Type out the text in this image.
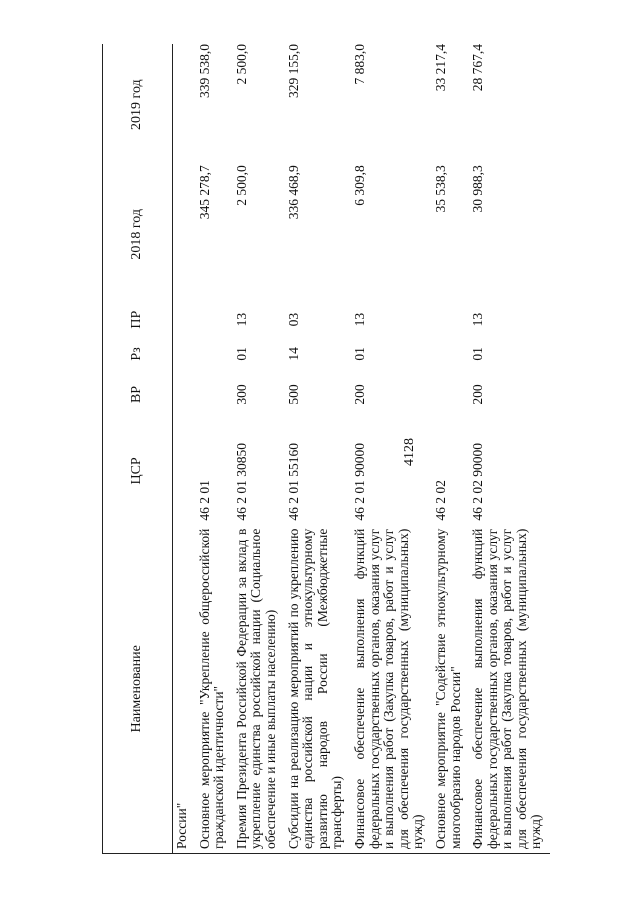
4128
Наименование	ЦСР	ВР	Рз	ПР	2018 год	2019 год
России"						
Основное мероприятие "Укрепление общероссийской гражданской идентичности"	46 2 01				345 278,7	339 538,0
Премия Президента Российской Федерации за вклад в укрепление единства российской нации (Социальное обеспечение и иные выплаты населению)	46 2 01 30850	300	01	13	2 500,0	2 500,0
Субсидии на реализацию мероприятий по укреплению единства российской нации и этнокультурному развитию народов России (Межбюджетные трансферты)	46 2 01 55160	500	14	03	336 468,9	329 155,0
Финансовое обеспечение выполнения функций федеральных государственных органов, оказания услуг и выполнения работ (Закупка товаров, работ и услуг для обеспечения государственных (муниципальных) нужд)	46 2 01 90000	200	01	13	6 309,8	7 883,0
Основное мероприятие "Содействие этнокультурному многообразию народов России"	46 2 02				35 538,3	33 217,4
Финансовое обеспечение выполнения функций федеральных государственных органов, оказания услуг и выполнения работ (Закупка товаров, работ и услуг для обеспечения государственных (муниципальных) нужд)	46 2 02 90000	200	01	13	30 988,3	28 767,4
